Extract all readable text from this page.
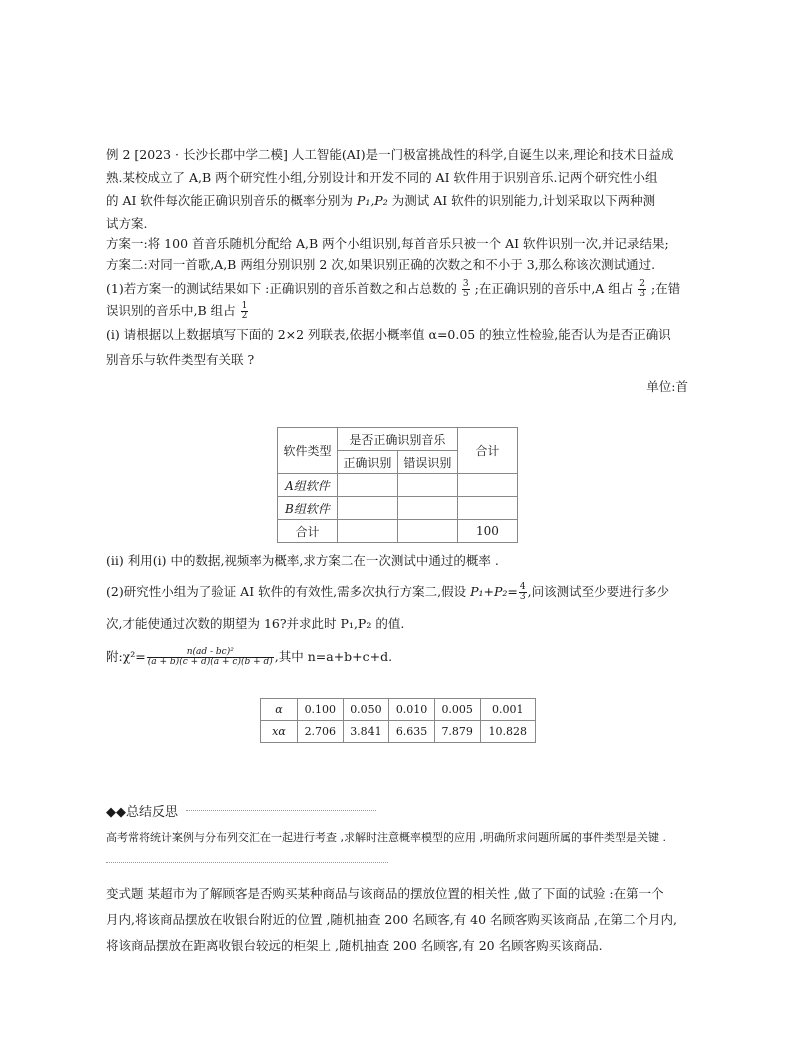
例 2 [2023 · 长沙长郡中学二模] 人工智能(AI)是一门极富挑战性的科学,自诞生以来,理论和技术日益成
熟.某校成立了 A,B 两个研究性小组,分别设计和开发不同的 AI 软件用于识别音乐.记两个研究性小组
的 AI 软件每次能正确识别音乐的概率分别为 P₁,P₂ 为测试 AI 软件的识别能力,计划采取以下两种测
试方案.
方案一:将 100 首音乐随机分配给 A,B 两个小组识别,每首音乐只被一个 AI 软件识别一次,并记录结果;
方案二:对同一首歌,A,B 两组分别识别 2 次,如果识别正确的次数之和不小于 3,那么称该次测试通过.
(1)若方案一的测试结果如下 :正确识别的音乐首数之和占总数的 $\frac{3}{5}$ ;在正确识别的音乐中,A 组占 $\frac{2}{3}$ ;在错
误识别的音乐中,B 组占 $\frac{1}{2}$
(i) 请根据以上数据填写下面的 2×2 列联表,依据小概率值 α=0.05 的独立性检验,能否认为是否正确识
别音乐与软件类型有关联 ?
单位:首
软件类型	是否正确识别音乐		合计
	正确识别	错误识别	
A组软件			
B组软件			
合计			100
(ii) 利用(i) 中的数据,视频率为概率,求方案二在一次测试中通过的概率 .
(2)研究性小组为了验证 AI 软件的有效性,需多次执行方案二,假设 $P_1+P_2= \frac{4}{3}$ ,问该测试至少要进行多少
次,才能使通过次数的期望为 16?并求此时 P₁,P₂ 的值.
附:χ²= $\frac{\text{n(ad - bc)²}}{(a + b)(c + d)(a + c)(b + d)}$ ,其中 n=a+b+c+d.
α	0.100	0.050	0.010	0.005	0.001
xα	2.706	3.841	6.635	7.879	10.828
◆◆总结反思
高考常将统计案例与分布列交汇在一起进行考查 ,求解时注意概率模型的应用 ,明确所求问题所属的事件类型是关键 .
变式题 某超市为了解顾客是否购买某种商品与该商品的摆放位置的相关性 ,做了下面的试验 :在第一个
月内,将该商品摆放在收银台附近的位置 ,随机抽查 200 名顾客,有 40 名顾客购买该商品 ,在第二个月内,
将该商品摆放在距离收银台较远的柜架上 ,随机抽查 200 名顾客,有 20 名顾客购买该商品.
